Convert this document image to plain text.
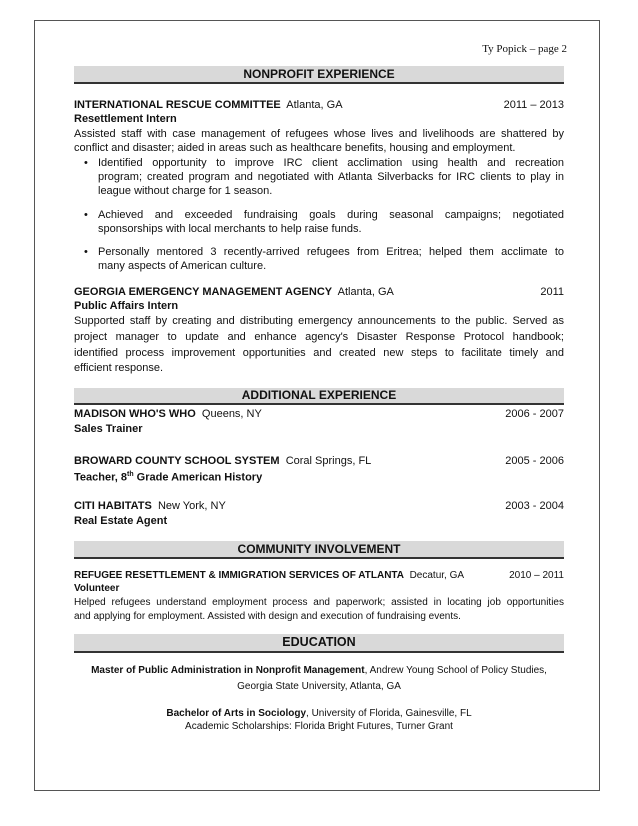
Ty Popick – page 2
NONPROFIT EXPERIENCE
INTERNATIONAL RESCUE COMMITTEE Atlanta, GA	2011 – 2013
Resettlement Intern
Assisted staff with case management of refugees whose lives and livelihoods are shattered by
conflict and disaster; aided in areas such as healthcare benefits, housing and employment.
• Identified opportunity to improve IRC client acclimation using health and recreation
program; created program and negotiated with Atlanta Silverbacks for IRC clients to play in
league without charge for 1 season.
• Achieved and exceeded fundraising goals during seasonal campaigns; negotiated
sponsorships with local merchants to help raise funds.
• Personally mentored 3 recently-arrived refugees from Eritrea; helped them acclimate to
many aspects of American culture.
GEORGIA EMERGENCY MANAGEMENT AGENCY Atlanta, GA	2011
Public Affairs Intern
Supported staff by creating and distributing emergency announcements to the public. Served as
project manager to update and enhance agency's Disaster Response Protocol handbook;
identified process improvement opportunities and created new steps to facilitate timely and
efficient response.
ADDITIONAL EXPERIENCE
MADISON WHO'S WHO Queens, NY	2006 - 2007
Sales Trainer
BROWARD COUNTY SCHOOL SYSTEM Coral Springs, FL	2005 - 2006
Teacher, 8th Grade American History
CITI HABITATS New York, NY	2003 - 2004
Real Estate Agent
COMMUNITY INVOLVEMENT
REFUGEE RESETTLEMENT & IMMIGRATION SERVICES OF ATLANTA Decatur, GA	2010 – 2011
Volunteer
Helped refugees understand employment process and paperwork; assisted in locating job opportunities
and applying for employment. Assisted with design and execution of fundraising events.
EDUCATION
Master of Public Administration in Nonprofit Management, Andrew Young School of Policy Studies,
Georgia State University, Atlanta, GA
Bachelor of Arts in Sociology, University of Florida, Gainesville, FL
Academic Scholarships: Florida Bright Futures, Turner Grant
